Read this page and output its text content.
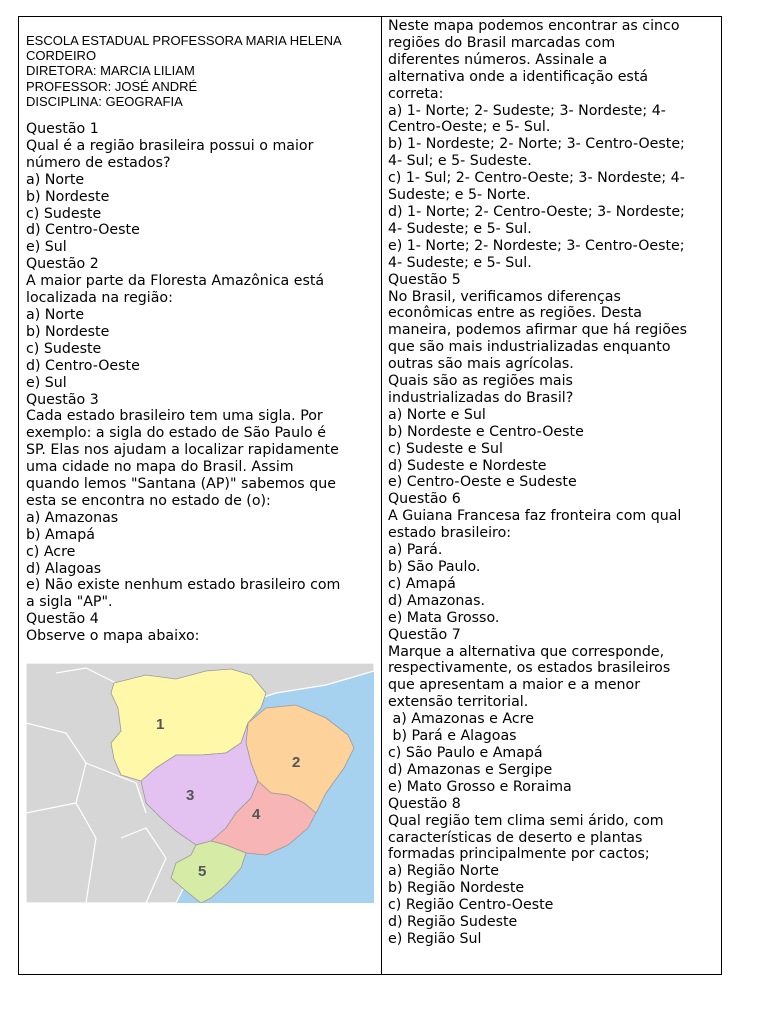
ESCOLA ESTADUAL PROFESSORA MARIA HELENA
CORDEIRO
DIRETORA: MARCIA LILIAM
PROFESSOR: JOSÉ ANDRÉ
DISCIPLINA: GEOGRAFIA
Questão 1
Qual é a região brasileira possui o maior
número de estados?
a) Norte
b) Nordeste
c) Sudeste
d) Centro-Oeste
e) Sul
Questão 2
A maior parte da Floresta Amazônica está
localizada na região:
a) Norte
b) Nordeste
c) Sudeste
d) Centro-Oeste
e) Sul
Questão 3
Cada estado brasileiro tem uma sigla. Por
exemplo: a sigla do estado de São Paulo é
SP. Elas nos ajudam a localizar rapidamente
uma cidade no mapa do Brasil. Assim
quando lemos "Santana (AP)" sabemos que
esta se encontra no estado de (o):
a) Amazonas
b) Amapá
c) Acre
d) Alagoas
e) Não existe nenhum estado brasileiro com
a sigla "AP".
Questão 4
Observe o mapa abaixo:
1
2
3
4
5
Neste mapa podemos encontrar as cinco
regiões do Brasil marcadas com
diferentes números. Assinale a
alternativa onde a identificação está
correta:
a) 1- Norte; 2- Sudeste; 3- Nordeste; 4-
Centro-Oeste; e 5- Sul.
b) 1- Nordeste; 2- Norte; 3- Centro-Oeste;
4- Sul; e 5- Sudeste.
c) 1- Sul; 2- Centro-Oeste; 3- Nordeste; 4-
Sudeste; e 5- Norte.
d) 1- Norte; 2- Centro-Oeste; 3- Nordeste;
4- Sudeste; e 5- Sul.
e) 1- Norte; 2- Nordeste; 3- Centro-Oeste;
4- Sudeste; e 5- Sul.
Questão 5
No Brasil, verificamos diferenças
econômicas entre as regiões. Desta
maneira, podemos afirmar que há regiões
que são mais industrializadas enquanto
outras são mais agrícolas.
Quais são as regiões mais
industrializadas do Brasil?
a) Norte e Sul
b) Nordeste e Centro-Oeste
c) Sudeste e Sul
d) Sudeste e Nordeste
e) Centro-Oeste e Sudeste
Questão 6
A Guiana Francesa faz fronteira com qual
estado brasileiro:
a) Pará.
b) São Paulo.
c) Amapá
d) Amazonas.
e) Mata Grosso.
Questão 7
Marque a alternativa que corresponde,
respectivamente, os estados brasileiros
que apresentam a maior e a menor
extensão territorial.
a) Amazonas e Acre
b) Pará e Alagoas
c) São Paulo e Amapá
d) Amazonas e Sergipe
e) Mato Grosso e Roraima
Questão 8
Qual região tem clima semi árido, com
características de deserto e plantas
formadas principalmente por cactos;
a) Região Norte
b) Região Nordeste
c) Região Centro-Oeste
d) Região Sudeste
e) Região Sul
